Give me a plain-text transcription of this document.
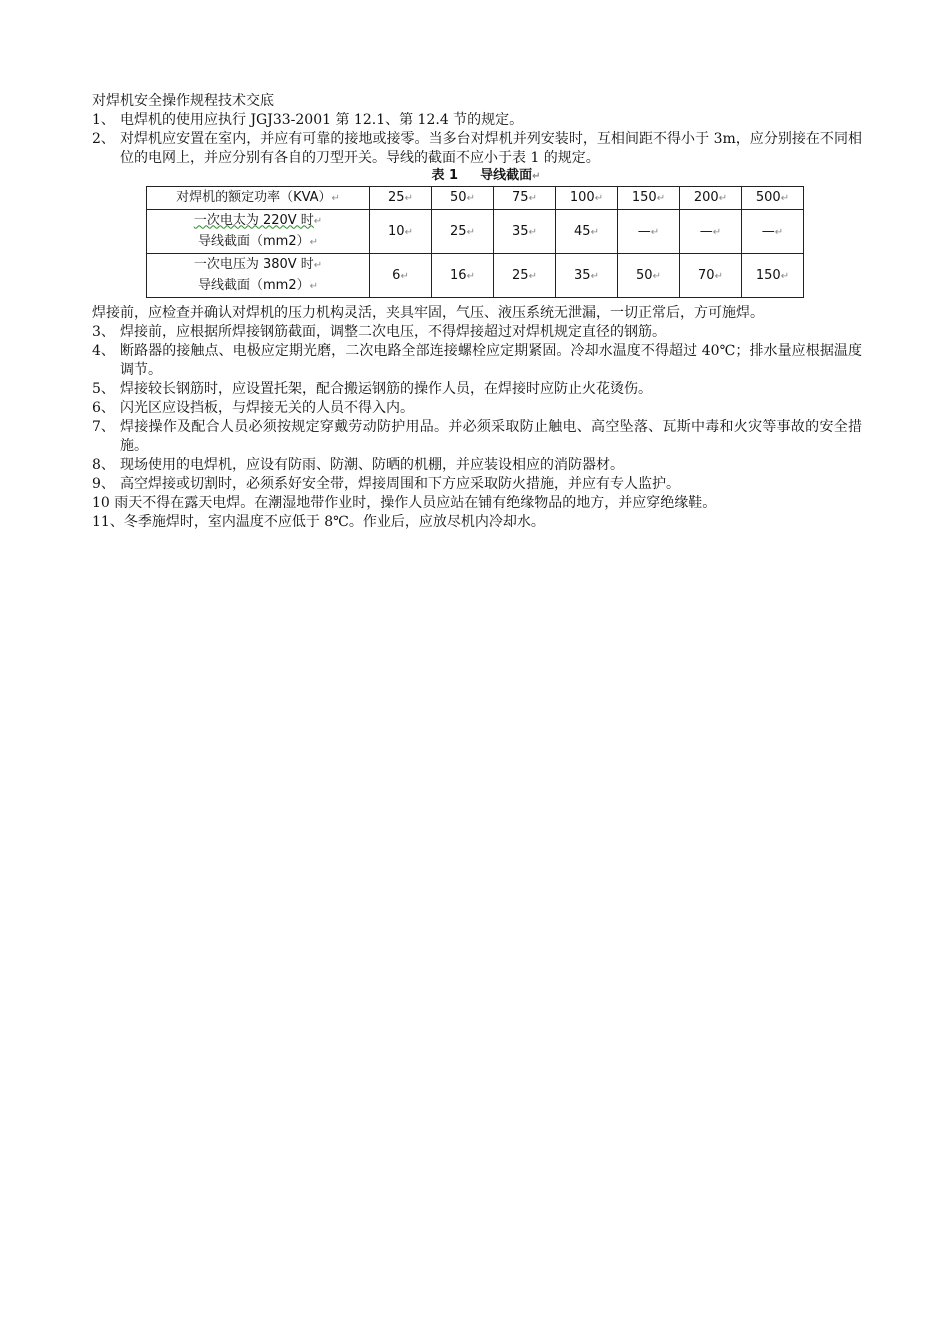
对焊机安全操作规程技术交底

1、 电焊机的使用应执行 JGJ33-2001 第 12.1、第 12.4 节的规定。
2、 对焊机应安置在室内，并应有可靠的接地或接零。当多台对焊机并列安装时，互相间距不得小于 3m，应分别接在不同相位的电网上，并应分别有各自的刀型开关。导线的截面不应小于表 1 的规定。

表 1 导线截面↵

对焊机的额定功率（KVA）↵	25↵	50↵	75↵	100↵	150↵	200↵	500↵

一次电太为 220V 时↵
导线截面（mm2）↵	10↵	25↵	35↵	45↵	—↵	—↵	—↵

一次电压为 380V 时↵
导线截面（mm2）↵	6↵	16↵	25↵	35↵	50↵	70↵	150↵

焊接前，应检查并确认对焊机的压力机构灵活，夹具牢固，气压、液压系统无泄漏，一切正常后，方可施焊。

3、 焊接前，应根据所焊接钢筋截面，调整二次电压，不得焊接超过对焊机规定直径的钢筋。
4、 断路器的接触点、电极应定期光磨，二次电路全部连接螺栓应定期紧固。冷却水温度不得超过 40℃；排水量应根据温度调节。
5、 焊接较长钢筋时，应设置托架，配合搬运钢筋的操作人员，在焊接时应防止火花烫伤。
6、 闪光区应设挡板，与焊接无关的人员不得入内。
7、 焊接操作及配合人员必须按规定穿戴劳动防护用品。并必须采取防止触电、高空坠落、瓦斯中毒和火灾等事故的安全措施。
8、 现场使用的电焊机，应设有防雨、防潮、防晒的机棚，并应装设相应的消防器材。
9、 高空焊接或切割时，必须系好安全带，焊接周围和下方应采取防火措施，并应有专人监护。

10 雨天不得在露天电焊。在潮湿地带作业时，操作人员应站在铺有绝缘物品的地方，并应穿绝缘鞋。

11、冬季施焊时，室内温度不应低于 8℃。作业后，应放尽机内冷却水。
